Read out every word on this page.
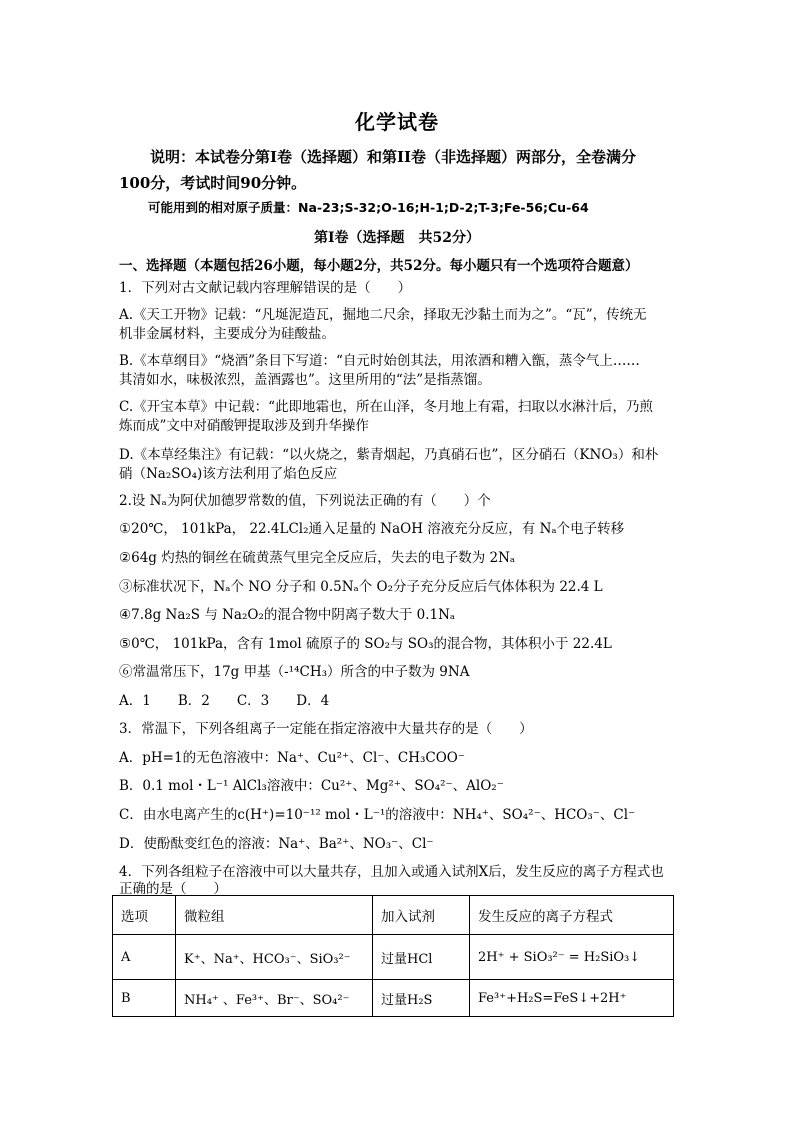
化学试卷
说明：本试卷分第I卷（选择题）和第II卷（非选择题）两部分，全卷满分
100分，考试时间90分钟。
可能用到的相对原子质量：Na-23;S-32;O-16;H-1;D-2;T-3;Fe-56;Cu-64
第I卷（选择题　共52分）
一、选择题（本题包括26小题，每小题2分，共52分。每小题只有一个选项符合题意）
1．下列对古文献记载内容理解错误的是（　　）
A.《天工开物》记载：“凡埏泥造瓦，掘地二尺余，择取无沙黏土而为之”。“瓦”，传统无
机非金属材料，主要成分为硅酸盐。
B.《本草纲目》“烧酒”条目下写道：“自元时始创其法，用浓酒和糟入甑，蒸令气上……
其清如水，味极浓烈，盖酒露也”。这里所用的“法”是指蒸馏。
C.《开宝本草》中记载：“此即地霜也，所在山泽，冬月地上有霜，扫取以水淋汁后，乃煎
炼而成”文中对硝酸钾提取涉及到升华操作
D.《本草经集注》有记载：“以火烧之，紫青烟起，乃真硝石也”，区分硝石（KNO₃）和朴
硝（Na₂SO₄)该方法利用了焰色反应
2.设 Nₐ为阿伏加德罗常数的值，下列说法正确的有（　　）个
①20℃， 101kPa， 22.4LCl₂通入足量的 NaOH 溶液充分反应，有 Nₐ个电子转移
②64g 灼热的铜丝在硫黄蒸气里完全反应后，失去的电子数为 2Nₐ
③标准状况下，Nₐ个 NO 分子和 0.5Nₐ个 O₂分子充分反应后气体体积为 22.4 L
④7.8g Na₂S 与 Na₂O₂的混合物中阴离子数大于 0.1Nₐ
⑤0℃， 101kPa，含有 1mol 硫原子的 SO₂与 SO₃的混合物，其体积小于 22.4L
⑥常温常压下，17g 甲基（-¹⁴CH₃）所含的中子数为 9NA
A．1　　B．2　　C．3　　D．4
3．常温下，下列各组离子一定能在指定溶液中大量共存的是（　　）
A．pH=1的无色溶液中：Na⁺、Cu²⁺、Cl⁻、CH₃COO⁻
B．0.1 mol・L⁻¹ AlCl₃溶液中：Cu²⁺、Mg²⁺、SO₄²⁻、AlO₂⁻
C．由水电离产生的c(H⁺)=10⁻¹² mol・L⁻¹的溶液中：NH₄⁺、SO₄²⁻、HCO₃⁻、Cl⁻
D．使酚酞变红色的溶液：Na⁺、Ba²⁺、NO₃⁻、Cl⁻
4．下列各组粒子在溶液中可以大量共存，且加入或通入试剂X后，发生反应的离子方程式也
正确的是（　　）
选项	微粒组	加入试剂	发生反应的离子方程式
A	K⁺、Na⁺、HCO₃⁻、SiO₃²⁻	过量HCl	2H⁺ + SiO₃²⁻ = H₂SiO₃↓
B	NH₄⁺ 、Fe³⁺、Br⁻、SO₄²⁻	过量H₂S	Fe³⁺+H₂S=FeS↓+2H⁺
